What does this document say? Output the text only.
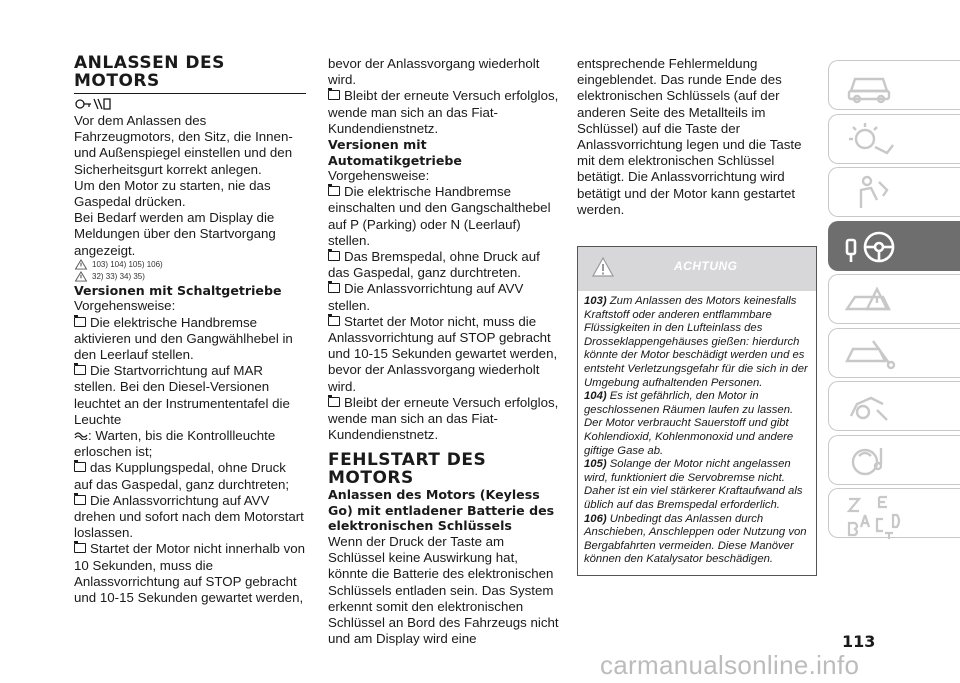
ANLASSEN DES

MOTORS

Vor dem Anlassen des Fahrzeugmotors, den Sitz, die Innen- und Außenspiegel einstellen und den Sicherheitsgurt korrekt anlegen.

Um den Motor zu starten, nie das Gaspedal drücken.

Bei Bedarf werden am Display die Meldungen über den Startvorgang angezeigt.

103) 104) 105) 106)
32) 33) 34) 35)

Versionen mit Schaltgetriebe

Vorgehensweise:

Die elektrische Handbremse aktivieren und den Gangwählhebel in den Leerlauf stellen.

Die Startvorrichtung auf MAR stellen. Bei den Diesel-Versionen leuchtet an der Instrumententafel die Leuchte

: Warten, bis die Kontrollleuchte erloschen ist;

das Kupplungspedal, ohne Druck auf das Gaspedal, ganz durchtreten;

Die Anlassvorrichtung auf AVV drehen und sofort nach dem Motorstart loslassen.

Startet der Motor nicht innerhalb von 10 Sekunden, muss die Anlassvorrichtung auf STOP gebracht und 10-15 Sekunden gewartet werden,

bevor der Anlassvorgang wiederholt wird.

Bleibt der erneute Versuch erfolglos, wende man sich an das Fiat-Kundendienstnetz.

Versionen mit Automatikgetriebe

Vorgehensweise:

Die elektrische Handbremse einschalten und den Gangschalthebel auf P (Parking) oder N (Leerlauf) stellen.

Das Bremspedal, ohne Druck auf das Gaspedal, ganz durchtreten.

Die Anlassvorrichtung auf AVV stellen.

Startet der Motor nicht, muss die Anlassvorrichtung auf STOP gebracht und 10-15 Sekunden gewartet werden, bevor der Anlassvorgang wiederholt wird.

Bleibt der erneute Versuch erfolglos, wende man sich an das Fiat-Kundendienstnetz.

FEHLSTART DES

MOTORS

Anlassen des Motors (Keyless Go) mit entladener Batterie des elektronischen Schlüssels

Wenn der Druck der Taste am Schlüssel keine Auswirkung hat, könnte die Batterie des elektronischen Schlüssels entladen sein. Das System erkennt somit den elektronischen Schlüssel an Bord des Fahrzeugs nicht und am Display wird eine

entsprechende Fehlermeldung eingeblendet. Das runde Ende des elektronischen Schlüssels (auf der anderen Seite des Metallteils im Schlüssel) auf die Taste der Anlassvorrichtung legen und die Taste mit dem elektronischen Schlüssel betätigt. Die Anlassvorrichtung wird betätigt und der Motor kann gestartet werden.

ACHTUNG

103) Zum Anlassen des Motors keinesfalls Kraftstoff oder anderen entflammbare Flüssigkeiten in den Lufteinlass des Drosseklappengehäuses gießen: hierdurch könnte der Motor beschädigt werden und es entsteht Verletzungsgefahr für die sich in der Umgebung aufhaltenden Personen.

104) Es ist gefährlich, den Motor in geschlossenen Räumen laufen zu lassen. Der Motor verbraucht Sauerstoff und gibt Kohlendioxid, Kohlenmonoxid und andere giftige Gase ab.

105) Solange der Motor nicht angelassen wird, funktioniert die Servobremse nicht. Daher ist ein viel stärkerer Kraftaufwand als üblich auf das Bremspedal erforderlich.

106) Unbedingt das Anlassen durch Anschieben, Anschleppen oder Nutzung von Bergabfahrten vermeiden. Diese Manöver können den Katalysator beschädigen.

113
carmanualsonline.info
